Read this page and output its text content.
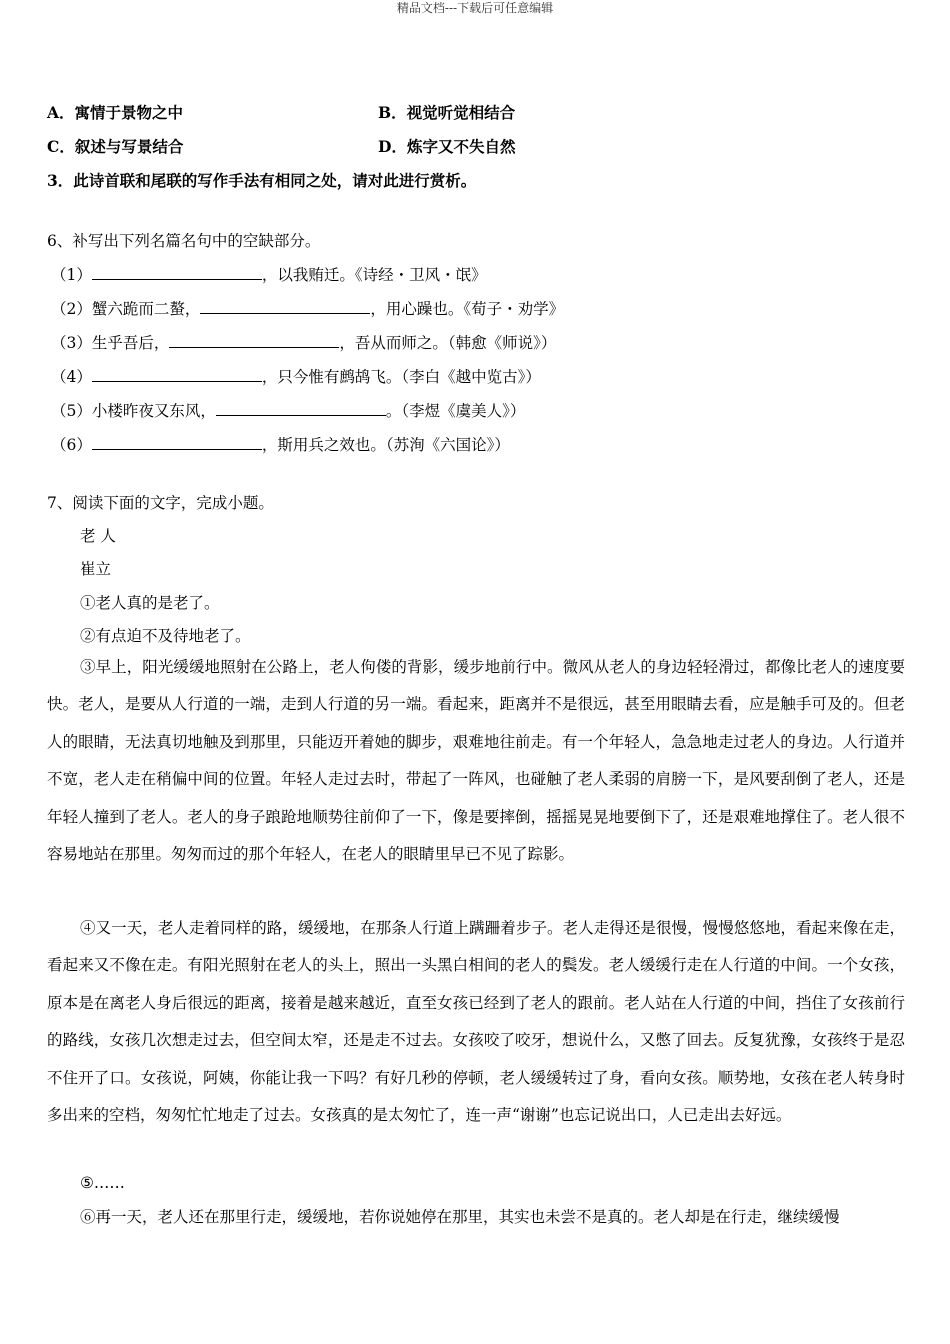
精品文档---下载后可任意编辑
A．寓情于景物之中	B．视觉听觉相结合
C．叙述与写景结合	D．炼字又不失自然
3．此诗首联和尾联的写作手法有相同之处，请对此进行赏析。
6、补写出下列名篇名句中的空缺部分。
（1）	，以我贿迁。《诗经・卫风・氓》
（2）蟹六跪而二螯，	，用心躁也。《荀子・劝学》
（3）生乎吾后，	，吾从而师之。（韩愈《师说》）
（4）	，只今惟有鹧鸪飞。（李白《越中览古》）
（5）小楼昨夜又东风，	。（李煜《虞美人》）
（6）	，斯用兵之效也。（苏洵《六国论》）
7、阅读下面的文字，完成小题。
老 人
崔立
①老人真的是老了。
②有点迫不及待地老了。
③早上，阳光缓缓地照射在公路上，老人佝偻的背影，缓步地前行中。微风从老人的身边轻轻滑过，都像比老人的速度要快。老人，是要从人行道的一端，走到人行道的另一端。看起来，距离并不是很远，甚至用眼睛去看，应是触手可及的。但老人的眼睛，无法真切地触及到那里，只能迈开着她的脚步，艰难地往前走。有一个年轻人，急急地走过老人的身边。人行道并不宽，老人走在稍偏中间的位置。年轻人走过去时，带起了一阵风，也碰触了老人柔弱的肩膀一下，是风要刮倒了老人，还是年轻人撞到了老人。老人的身子踉跄地顺势往前仰了一下，像是要摔倒，摇摇晃晃地要倒下了，还是艰难地撑住了。老人很不容易地站在那里。匆匆而过的那个年轻人，在老人的眼睛里早已不见了踪影。
④又一天，老人走着同样的路，缓缓地，在那条人行道上蹒跚着步子。老人走得还是很慢，慢慢悠悠地，看起来像在走，看起来又不像在走。有阳光照射在老人的头上，照出一头黑白相间的老人的鬓发。老人缓缓行走在人行道的中间。一个女孩，原本是在离老人身后很远的距离，接着是越来越近，直至女孩已经到了老人的跟前。老人站在人行道的中间，挡住了女孩前行的路线，女孩几次想走过去，但空间太窄，还是走不过去。女孩咬了咬牙，想说什么，又憋了回去。反复犹豫，女孩终于是忍不住开了口。女孩说，阿姨，你能让我一下吗？有好几秒的停顿，老人缓缓转过了身，看向女孩。顺势地，女孩在老人转身时多出来的空档，匆匆忙忙地走了过去。女孩真的是太匆忙了，连一声“谢谢”也忘记说出口，人已走出去好远。
⑤……
⑥再一天，老人还在那里行走，缓缓地，若你说她停在那里，其实也未尝不是真的。老人却是在行走，继续缓慢
